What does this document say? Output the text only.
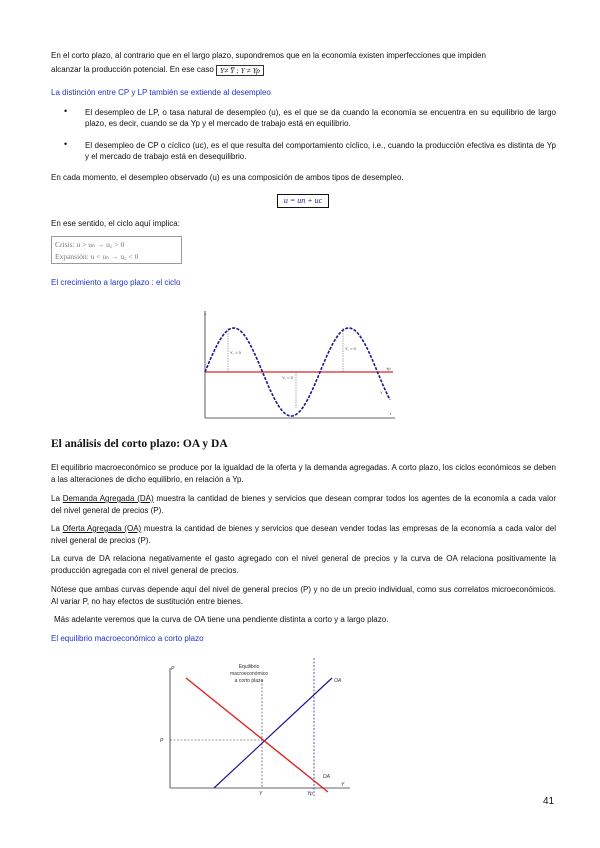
En el corto plazo, al contrario que en el largo plazo, supondremos que en la economía existen imperfecciones que impiden

alcanzar la producción potencial. En ese caso Y≠ Y̅ ; Y ≠ Yp

La distinción entre CP y LP también se extiende al desempleo

• El desempleo de LP, o tasa natural de desempleo (u), es el que se da cuando la economía se encuentra en su equilibrio de largo plazo, es decir, cuando se da Yp y el mercado de trabajo está en equilibrio.

• El desempleo de CP o cíclico (uc), es el que resulta del comportamiento cíclico, i.e., cuando la producción efectiva es distinta de Yp y el mercado de trabajo está en desequilibrio.

En cada momento, el desempleo observado (u) es una composición de ambos tipos de desempleo.

u = un + uc

En ese sentido, el ciclo aquí implica:

Crisis: u > uₙ → u꜀ > 0
Expansión: u < uₙ → u꜀ < 0

El crecimiento a largo plazo : el ciclo

Y
t
Yp
Y꜀ > 0
Y꜀ < 0
Y꜀ > 0
Y

El análisis del corto plazo: OA y DA

El equilibrio macroeconómico se produce por la igualdad de la oferta y la demanda agregadas. A corto plazo, los ciclos económicos se deben a las alteraciones de dicho equilibrio, en relación a Yp.

La Demanda Agregada (DA) muestra la cantidad de bienes y servicios que desean comprar todos los agentes de la economía a cada valor del nivel general de precios (P).

La Oferta Agregada (OA) muestra la cantidad de bienes y servicios que desean vender todas las empresas de la economía a cada valor del nivel general de precios (P).

La curva de DA relaciona negativamente el gasto agregado con el nivel general de precios y la curva de OA relaciona positivamente la producción agregada con el nivel general de precios.

Nótese que ambas curvas depende aquí del nivel de general precios (P) y no de un precio individual, como sus correlatos microeconómicos. Al variar P, no hay efectos de sustitución entre bienes.

Más adelante veremos que la curva de OA tiene una pendiente distinta a corto y a largo plazo.

El equilibrio macroeconómico a corto plazo

P
Y
Equilibrio
macroeconómico
a corto plazo	OA
DA
P
Y	Yp

41
